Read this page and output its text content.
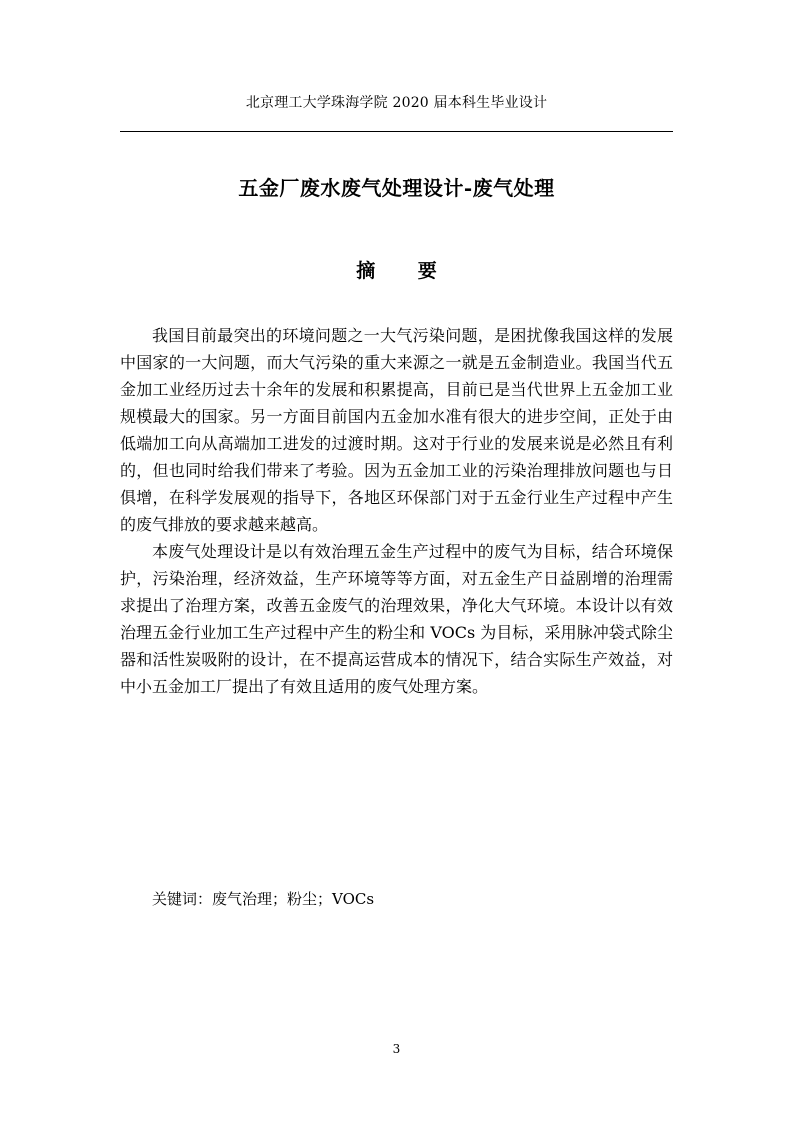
北京理工大学珠海学院 2020 届本科生毕业设计
五金厂废水废气处理设计-废气处理
摘 要

我国目前最突出的环境问题之一大气污染问题，是困扰像我国这样的发展中国家的一大问题，而大气污染的重大来源之一就是五金制造业。我国当代五金加工业经历过去十余年的发展和积累提高，目前已是当代世界上五金加工业规模最大的国家。另一方面目前国内五金加水准有很大的进步空间，正处于由低端加工向从高端加工进发的过渡时期。这对于行业的发展来说是必然且有利的，但也同时给我们带来了考验。因为五金加工业的污染治理排放问题也与日俱增，在科学发展观的指导下，各地区环保部门对于五金行业生产过程中产生的废气排放的要求越来越高。

本废气处理设计是以有效治理五金生产过程中的废气为目标，结合环境保护，污染治理，经济效益，生产环境等等方面，对五金生产日益剧增的治理需求提出了治理方案，改善五金废气的治理效果，净化大气环境。本设计以有效治理五金行业加工生产过程中产生的粉尘和 VOCs 为目标，采用脉冲袋式除尘器和活性炭吸附的设计，在不提高运营成本的情况下，结合实际生产效益，对中小五金加工厂提出了有效且适用的废气处理方案。

关键词：废气治理；粉尘；VOCs
3
